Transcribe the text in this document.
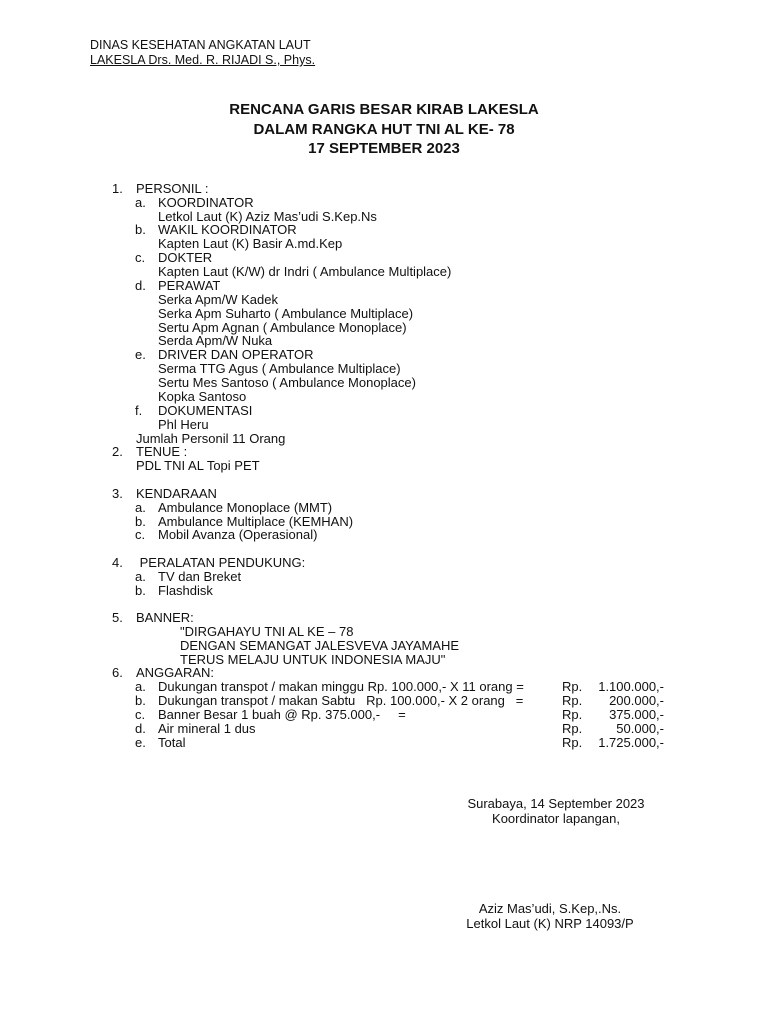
DINAS KESEHATAN ANGKATAN LAUT
LAKESLA Drs. Med. R. RIJADI S., Phys.
RENCANA GARIS BESAR KIRAB LAKESLA
DALAM RANGKA HUT TNI AL KE- 78
17 SEPTEMBER 2023
1. PERSONIL :
a. KOORDINATOR
Letkol Laut (K) Aziz Mas’udi S.Kep.Ns
b. WAKIL KOORDINATOR
Kapten Laut (K) Basir A.md.Kep
c. DOKTER
Kapten Laut (K/W) dr Indri ( Ambulance Multiplace)
d. PERAWAT
Serka Apm/W Kadek
Serka Apm Suharto ( Ambulance Multiplace)
Sertu Apm Agnan ( Ambulance Monoplace)
Serda Apm/W Nuka
e. DRIVER DAN OPERATOR
Serma TTG Agus ( Ambulance Multiplace)
Sertu Mes Santoso ( Ambulance Monoplace)
Kopka Santoso
f. DOKUMENTASI
Phl Heru
Jumlah Personil 11 Orang
2. TENUE :
PDL TNI AL Topi PET
3. KENDARAAN
a. Ambulance Monoplace (MMT)
b. Ambulance Multiplace (KEMHAN)
c. Mobil Avanza (Operasional)
4. PERALATAN PENDUKUNG:
a. TV dan Breket
b. Flashdisk
5. BANNER:
"DIRGAHAYU TNI AL KE – 78
DENGAN SEMANGAT JALESVEVA JAYAMAHE
TERUS MELAJU UNTUK INDONESIA MAJU"
6. ANGGARAN:
a. Dukungan transpot / makan minggu Rp. 100.000,- X 11 orang =	Rp.	1.100.000,-
b. Dukungan transpot / makan Sabtu   Rp. 100.000,- X 2 orang   =	Rp.	200.000,-
c. Banner Besar 1 buah @ Rp. 375.000,-     =	Rp.	375.000,-
d. Air mineral 1 dus	Rp.	50.000,-
e. Total	Rp.	1.725.000,-
Surabaya, 14 September 2023
Koordinator lapangan,
Aziz Mas’udi, S.Kep,.Ns.
Letkol Laut (K) NRP 14093/P
